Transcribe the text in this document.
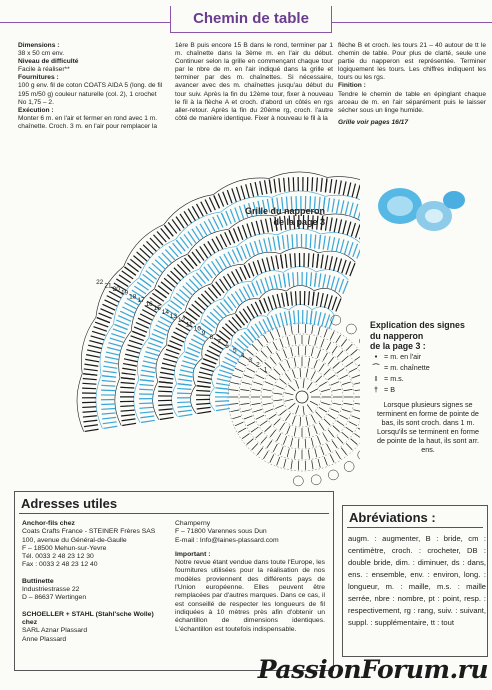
Chemin de table
Dimensions :
38 x 50 cm env.
Niveau de difficulté
Facile à réaliser**
Fournitures :
100 g env. fil de coton COATS AIDA 5 (long. de fil 195 m/50 g) couleur naturelle (col. 2), 1 crochet No 1,75 – 2.
Exécution :
Monter 6 m. en l'air et fermer en rond avec 1 m. chaînette. Croch. 3 m. en l'air pour remplacer la
1ère B puis encore 15 B dans le rond, terminer par 1 m. chaînette dans la 3ème m. en l'air du début. Continuer selon la grille en commençant chaque tour par le nbre de m. en l'air indiqué dans la grille et terminer par des m. chaînettes. Si nécessaire, avancer avec des m. chaînettes jusqu'au début du tour suiv. Après la fin du 12ème tour, fixer à nouveau le fil à la flèche A et croch. d'abord un côtés en rgs aller-retour. Après la fin du 20ème rg, croch. l'autre côté de manière identique. Fixer à nouveau le fil à la
flèche B et croch. les tours 21 – 40 autour de tt le chemin de table. Pour plus de clarté, seule une partie du napperon est représentée. Terminer logiquement les tours. Les chiffres indiquent les tours ou les rgs.
Finition :
Tendre le chemin de table en épinglant chaque arceau de m. en l'air séparément puis le laisser sécher sous un linge humide.
Grille voir pages 16/17
22
21
20
19
18
17
16
15
14
13
12
11
10
9
8
7
6
5
4
3
2
1
Grille du napperon
de la page 3
Explication des signes
du napperon
de la page 3 :
• = m. en l'air
⌒ = m. chaînette
I = m.s.
† = B
Lorsque plusieurs signes se terminent en forme de pointe de bas, ils sont croch. dans 1 m. Lorsqu'ils se terminent en forme de pointe de la haut, ils sont arr. ens.
Adresses utiles
Anchor-fils chez
Coats Crafts France - STEINER Frères SAS
100, avenue du Général-de-Gaulle
F – 18500 Mehun-sur-Yevre
Tél. 0033 2 48 23 12 30
Fax : 0033 2 48 23 12 40
Buttinette
Industriestrasse 22
D – 86637 Wertingen
SCHOELLER + STAHL (Stahl'sche Wolle) chez
SARL Aznar Plassard
Anne Plassard
Champerny
F – 71800 Varennes sous Dun
E-mail : Info@laines-plassard.com
Important :
Notre revue étant vendue dans toute l'Europe, les fournitures utilisées pour la réalisation de nos modèles proviennent des différents pays de l'Union européenne. Elles peuvent être remplacées par d'autres marques. Dans ce cas, il est conseillé de respecter les longueurs de fil indiquées à 10 mètres près afin d'obtenir un échantillon de dimensions identiques. L'échantillon est toutefois indispensable.
Abréviations :
augm. : augmenter, B : bride, cm : centimètre, croch. : crocheter, DB : double bride, dim. : diminuer, ds : dans, ens. : ensemble, env. : environ, long. : longueur, m. : maille, m.s. : maille serrée, nbre : nombre, pt : point, resp. : respectivement, rg : rang, suiv. : suivant, suppl. : supplémentaire, tt : tout
PassionForum.ru
